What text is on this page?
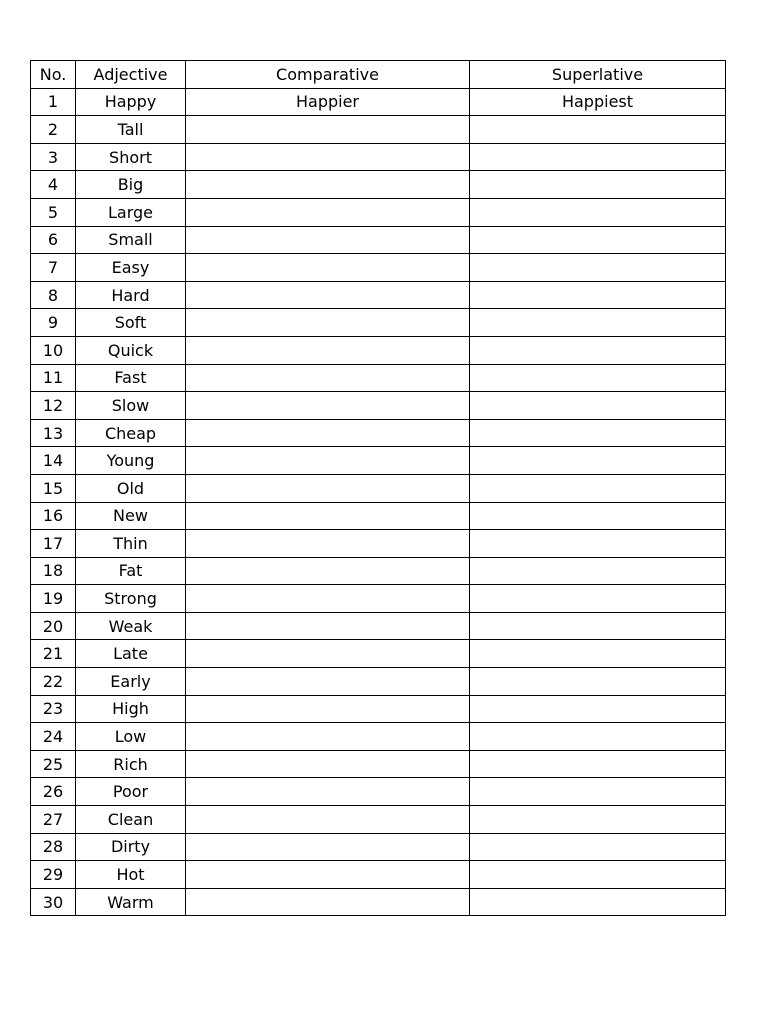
No.	Adjective	Comparative	Superlative
1	Happy	Happier	Happiest
2	Tall		
3	Short		
4	Big		
5	Large		
6	Small		
7	Easy		
8	Hard		
9	Soft		
10	Quick		
11	Fast		
12	Slow		
13	Cheap		
14	Young		
15	Old		
16	New		
17	Thin		
18	Fat		
19	Strong		
20	Weak		
21	Late		
22	Early		
23	High		
24	Low		
25	Rich		
26	Poor		
27	Clean		
28	Dirty		
29	Hot		
30	Warm		
